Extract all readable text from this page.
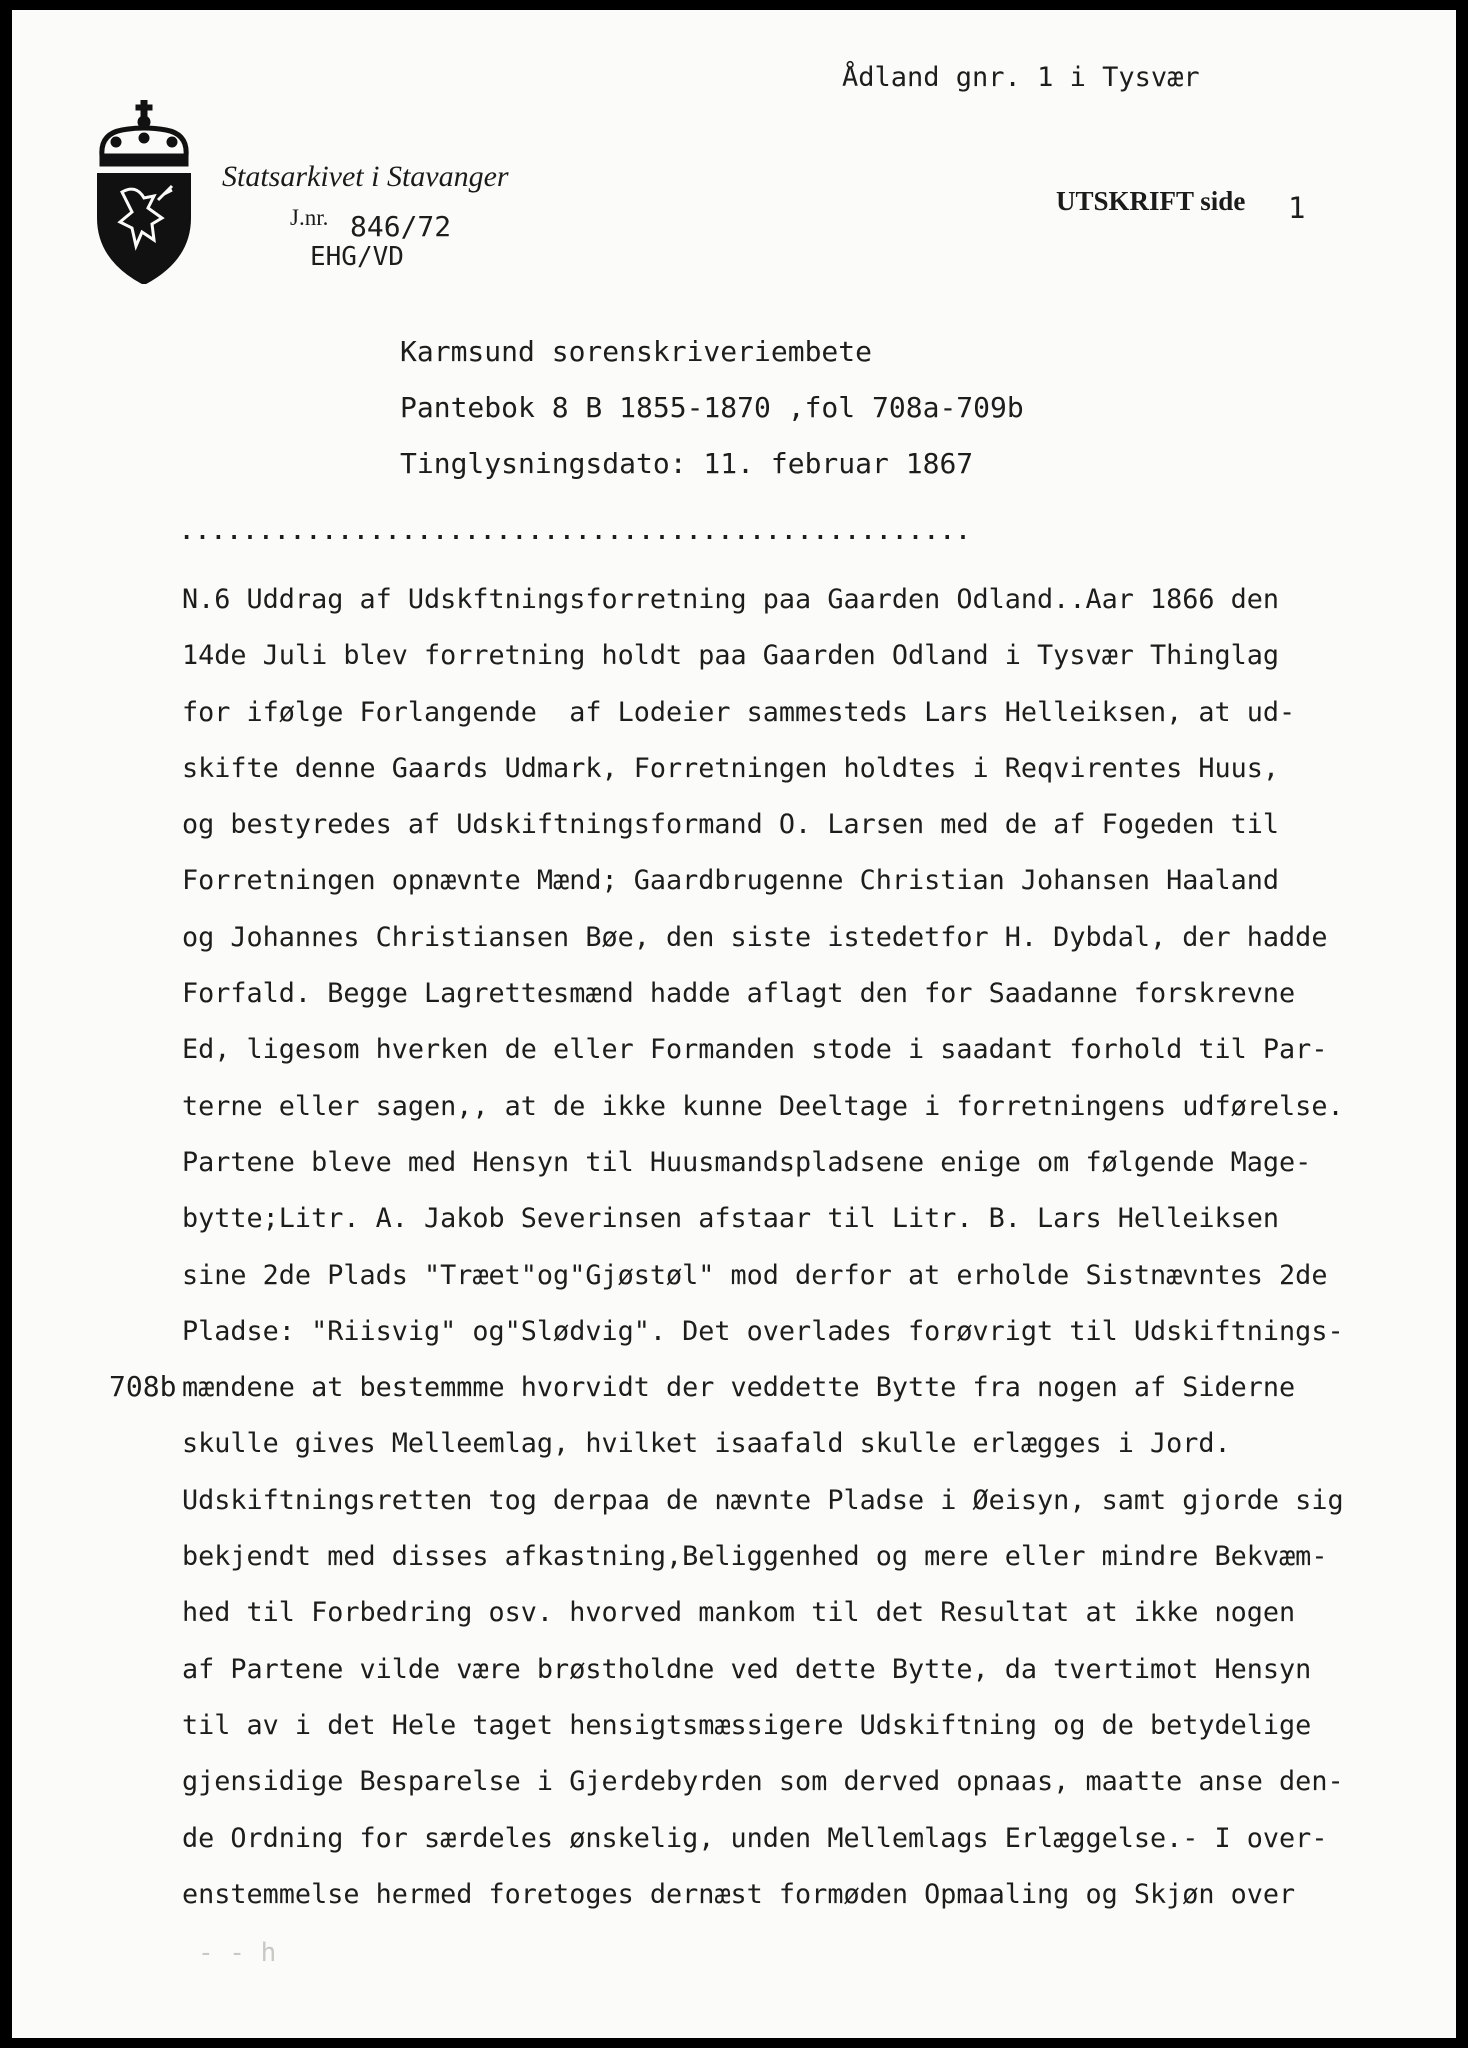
Ådland gnr. 1 i Tysvær
Statsarkivet i Stavanger
J.nr. 846/72
EHG/VD
UTSKRIFT side 1
Karmsund sorenskriveriembete
Pantebok 8 B 1855-1870 ,fol 708a-709b
Tinglysningsdato: 11. februar 1867
..................................................
708b
N.6 Uddrag af Udskftningsforretning paa Gaarden Odland..Aar 1866 den
14de Juli blev forretning holdt paa Gaarden Odland i Tysvær Thinglag
for ifølge Forlangende  af Lodeier sammesteds Lars Helleiksen, at ud-
skifte denne Gaards Udmark, Forretningen holdtes i Reqvirentes Huus,
og bestyredes af Udskiftningsformand O. Larsen med de af Fogeden til
Forretningen opnævnte Mænd; Gaardbrugenne Christian Johansen Haaland
og Johannes Christiansen Bøe, den siste istedetfor H. Dybdal, der hadde
Forfald. Begge Lagrettesmænd hadde aflagt den for Saadanne forskrevne
Ed, ligesom hverken de eller Formanden stode i saadant forhold til Par-
terne eller sagen,, at de ikke kunne Deeltage i forretningens udførelse.
Partene bleve med Hensyn til Huusmandspladsene enige om følgende Mage-
bytte;Litr. A. Jakob Severinsen afstaar til Litr. B. Lars Helleiksen
sine 2de Plads "Træet"og"Gjøstøl" mod derfor at erholde Sistnævntes 2de
Pladse: "Riisvig" og"Slødvig". Det overlades forøvrigt til Udskiftnings-
mændene at bestemmme hvorvidt der veddette Bytte fra nogen af Siderne
skulle gives Melleemlag, hvilket isaafald skulle erlægges i Jord.
Udskiftningsretten tog derpaa de nævnte Pladse i Øeisyn, samt gjorde sig
bekjendt med disses afkastning,Beliggenhed og mere eller mindre Bekvæm-
hed til Forbedring osv. hvorved mankom til det Resultat at ikke nogen
af Partene vilde være brøstholdne ved dette Bytte, da tvertimot Hensyn
til av i det Hele taget hensigtsmæssigere Udskiftning og de betydelige
gjensidige Besparelse i Gjerdebyrden som derved opnaas, maatte anse den-
de Ordning for særdeles ønskelig, unden Mellemlags Erlæggelse.- I over-
enstemmelse hermed foretoges dernæst formøden Opmaaling og Skjøn over
- - h
